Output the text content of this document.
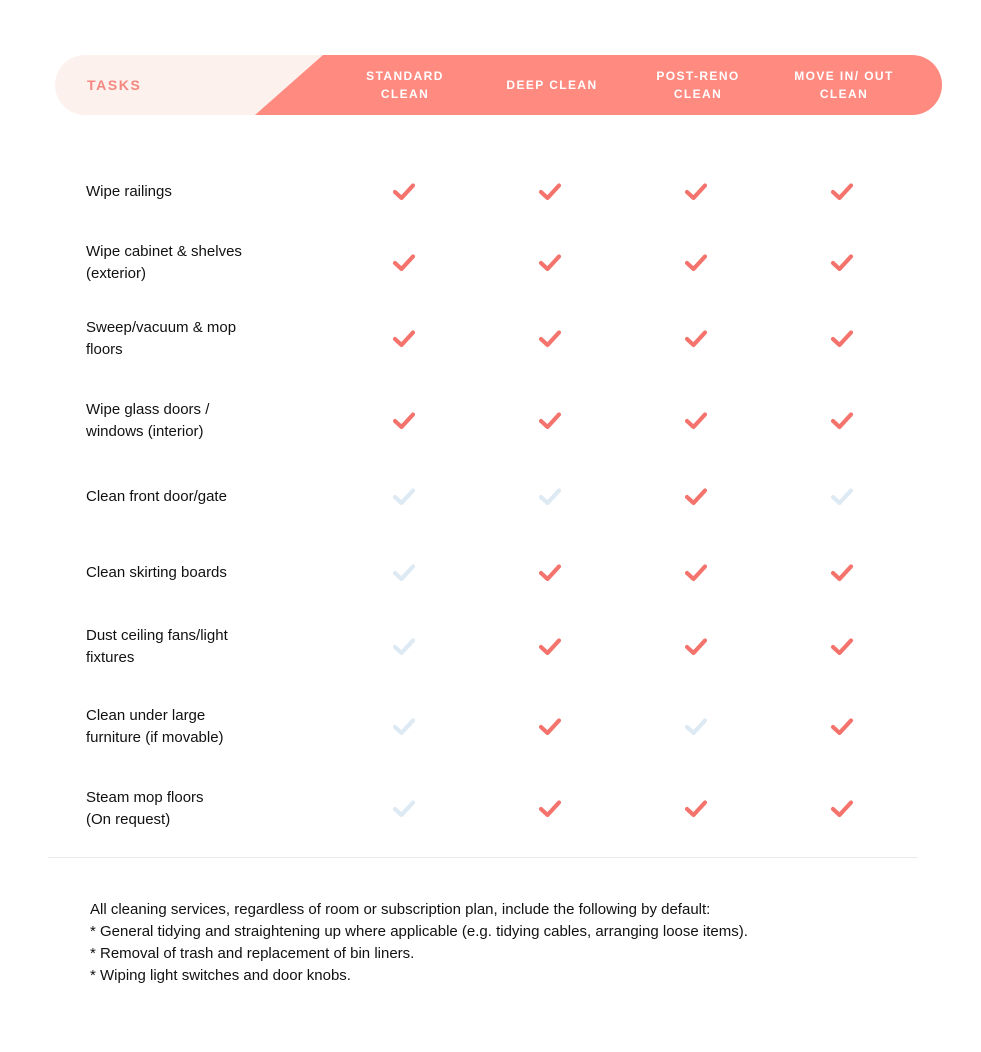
TASKS
STANDARD
CLEAN
DEEP CLEAN
POST-RENO
CLEAN
MOVE IN/ OUT
CLEAN
Wipe railings
Wipe cabinet & shelves
(exterior)
Sweep/vacuum & mop
floors
Wipe glass doors /
windows (interior)
Clean front door/gate
Clean skirting boards
Dust ceiling fans/light
fixtures
Clean under large
furniture (if movable)
Steam mop floors
(On request)
All cleaning services, regardless of room or subscription plan, include the following by default:
* General tidying and straightening up where applicable (e.g. tidying cables, arranging loose items).
* Removal of trash and replacement of bin liners.
* Wiping light switches and door knobs.
